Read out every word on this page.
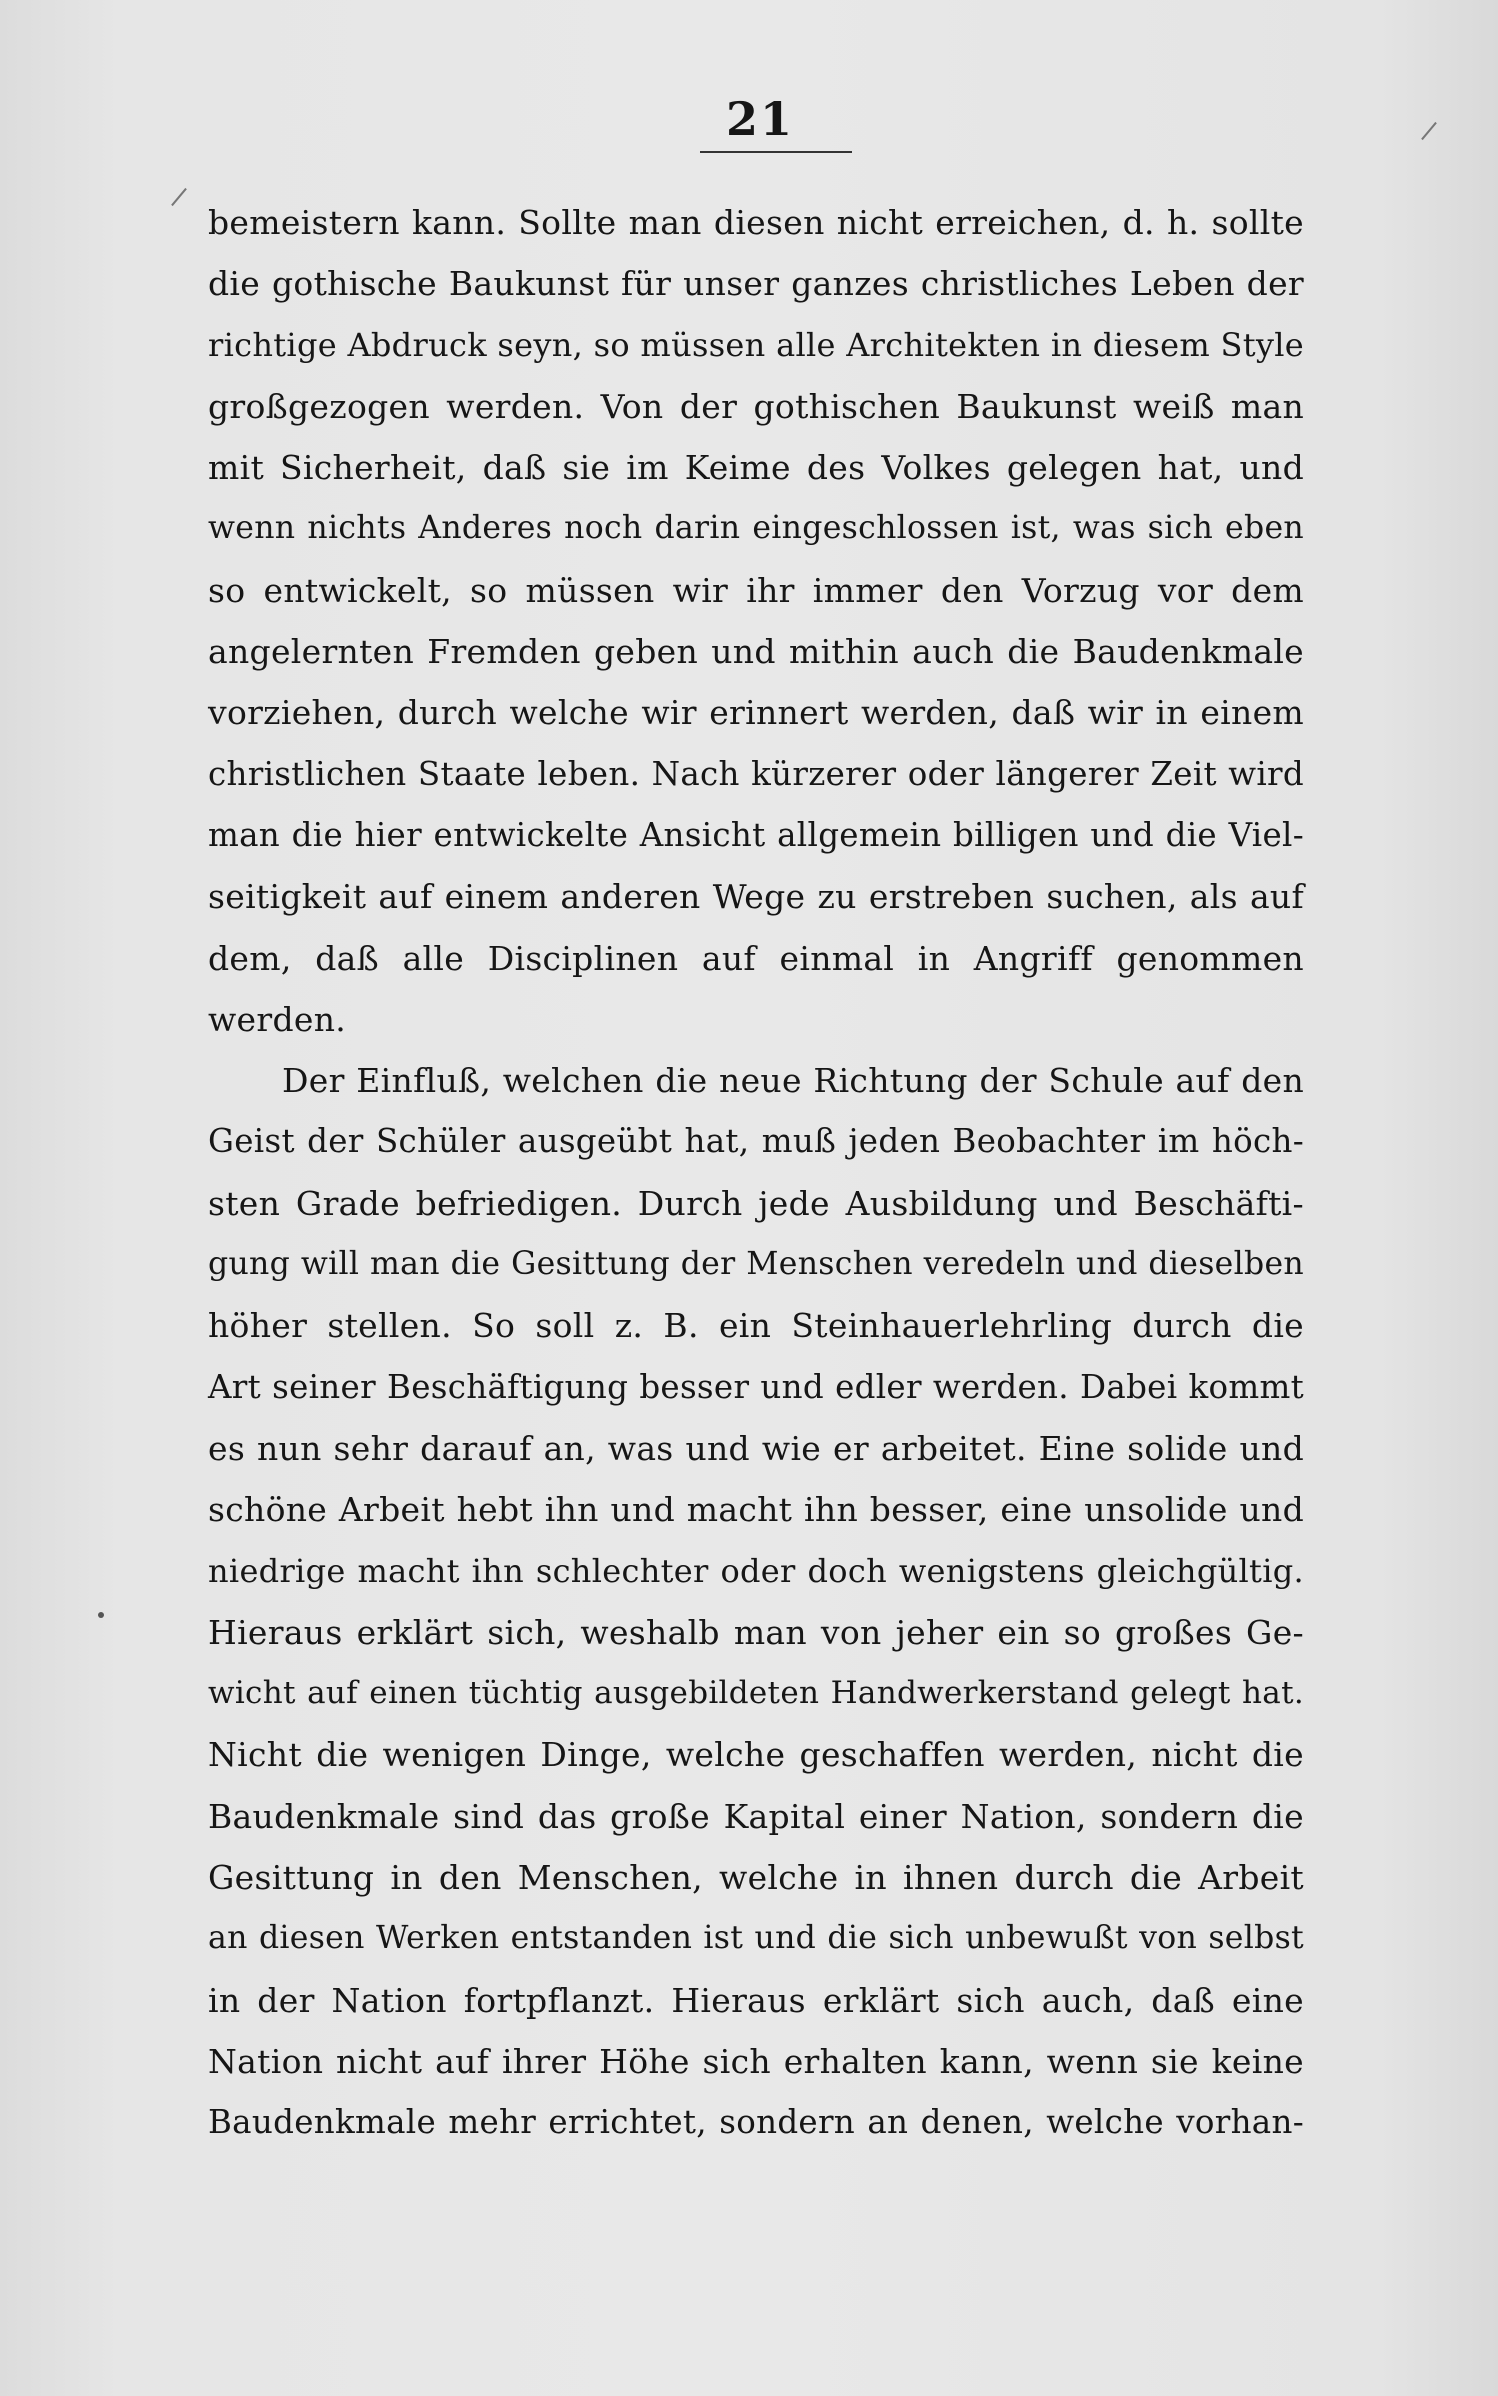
21

bemeistern kann. Sollte man diesen nicht erreichen, d. h. sollte
die gothische Baukunst für unser ganzes christliches Leben der
richtige Abdruck seyn, so müssen alle Architekten in diesem Style
großgezogen werden. Von der gothischen Baukunst weiß man
mit Sicherheit, daß sie im Keime des Volkes gelegen hat, und
wenn nichts Anderes noch darin eingeschlossen ist, was sich eben
so entwickelt, so müssen wir ihr immer den Vorzug vor dem
angelernten Fremden geben und mithin auch die Baudenkmale
vorziehen, durch welche wir erinnert werden, daß wir in einem
christlichen Staate leben. Nach kürzerer oder längerer Zeit wird
man die hier entwickelte Ansicht allgemein billigen und die Viel-
seitigkeit auf einem anderen Wege zu erstreben suchen, als auf
dem, daß alle Disciplinen auf einmal in Angriff genommen
werden.
Der Einfluß, welchen die neue Richtung der Schule auf den
Geist der Schüler ausgeübt hat, muß jeden Beobachter im höch-
sten Grade befriedigen. Durch jede Ausbildung und Beschäfti-
gung will man die Gesittung der Menschen veredeln und dieselben
höher stellen. So soll z. B. ein Steinhauerlehrling durch die
Art seiner Beschäftigung besser und edler werden. Dabei kommt
es nun sehr darauf an, was und wie er arbeitet. Eine solide und
schöne Arbeit hebt ihn und macht ihn besser, eine unsolide und
niedrige macht ihn schlechter oder doch wenigstens gleichgültig.
Hieraus erklärt sich, weshalb man von jeher ein so großes Ge-
wicht auf einen tüchtig ausgebildeten Handwerkerstand gelegt hat.
Nicht die wenigen Dinge, welche geschaffen werden, nicht die
Baudenkmale sind das große Kapital einer Nation, sondern die
Gesittung in den Menschen, welche in ihnen durch die Arbeit
an diesen Werken entstanden ist und die sich unbewußt von selbst
in der Nation fortpflanzt. Hieraus erklärt sich auch, daß eine
Nation nicht auf ihrer Höhe sich erhalten kann, wenn sie keine
Baudenkmale mehr errichtet, sondern an denen, welche vorhan-
